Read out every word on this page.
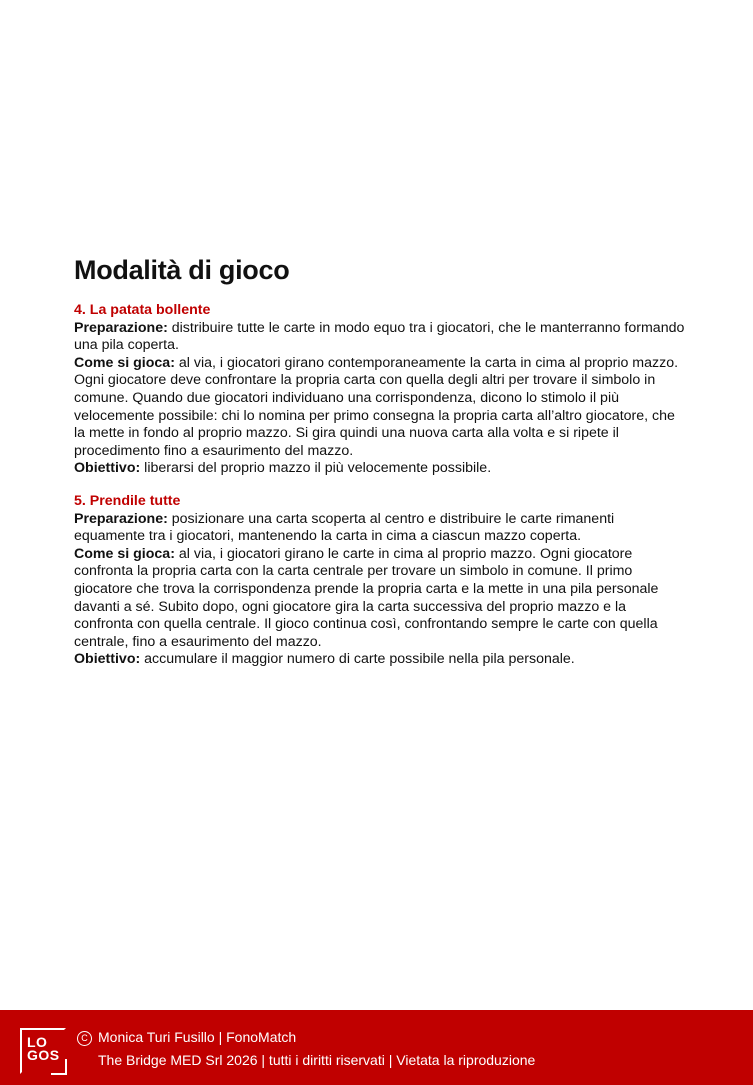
Modalità di gioco
4. La patata bollente
Preparazione: distribuire tutte le carte in modo equo tra i giocatori, che le manterranno formando una pila coperta.
Come si gioca: al via, i giocatori girano contemporaneamente la carta in cima al proprio mazzo. Ogni giocatore deve confrontare la propria carta con quella degli altri per trovare il simbolo in comune. Quando due giocatori individuano una corrispondenza, dicono lo stimolo il più velocemente possibile: chi lo nomina per primo consegna la propria carta all’altro giocatore, che la mette in fondo al proprio mazzo. Si gira quindi una nuova carta alla volta e si ripete il procedimento fino a esaurimento del mazzo.
Obiettivo: liberarsi del proprio mazzo il più velocemente possibile.
5. Prendile tutte
Preparazione: posizionare una carta scoperta al centro e distribuire le carte rimanenti equamente tra i giocatori, mantenendo la carta in cima a ciascun mazzo coperta.
Come si gioca: al via, i giocatori girano le carte in cima al proprio mazzo. Ogni giocatore confronta la propria carta con la carta centrale per trovare un simbolo in comune. Il primo giocatore che trova la corrispondenza prende la propria carta e la mette in una pila personale davanti a sé. Subito dopo, ogni giocatore gira la carta successiva del proprio mazzo e la confronta con quella centrale. Il gioco continua così, confrontando sempre le carte con quella centrale, fino a esaurimento del mazzo.
Obiettivo: accumulare il maggior numero di carte possibile nella pila personale.
LO
GOS
C Monica Turi Fusillo | FonoMatch
The Bridge MED Srl 2026 | tutti i diritti riservati | Vietata la riproduzione
